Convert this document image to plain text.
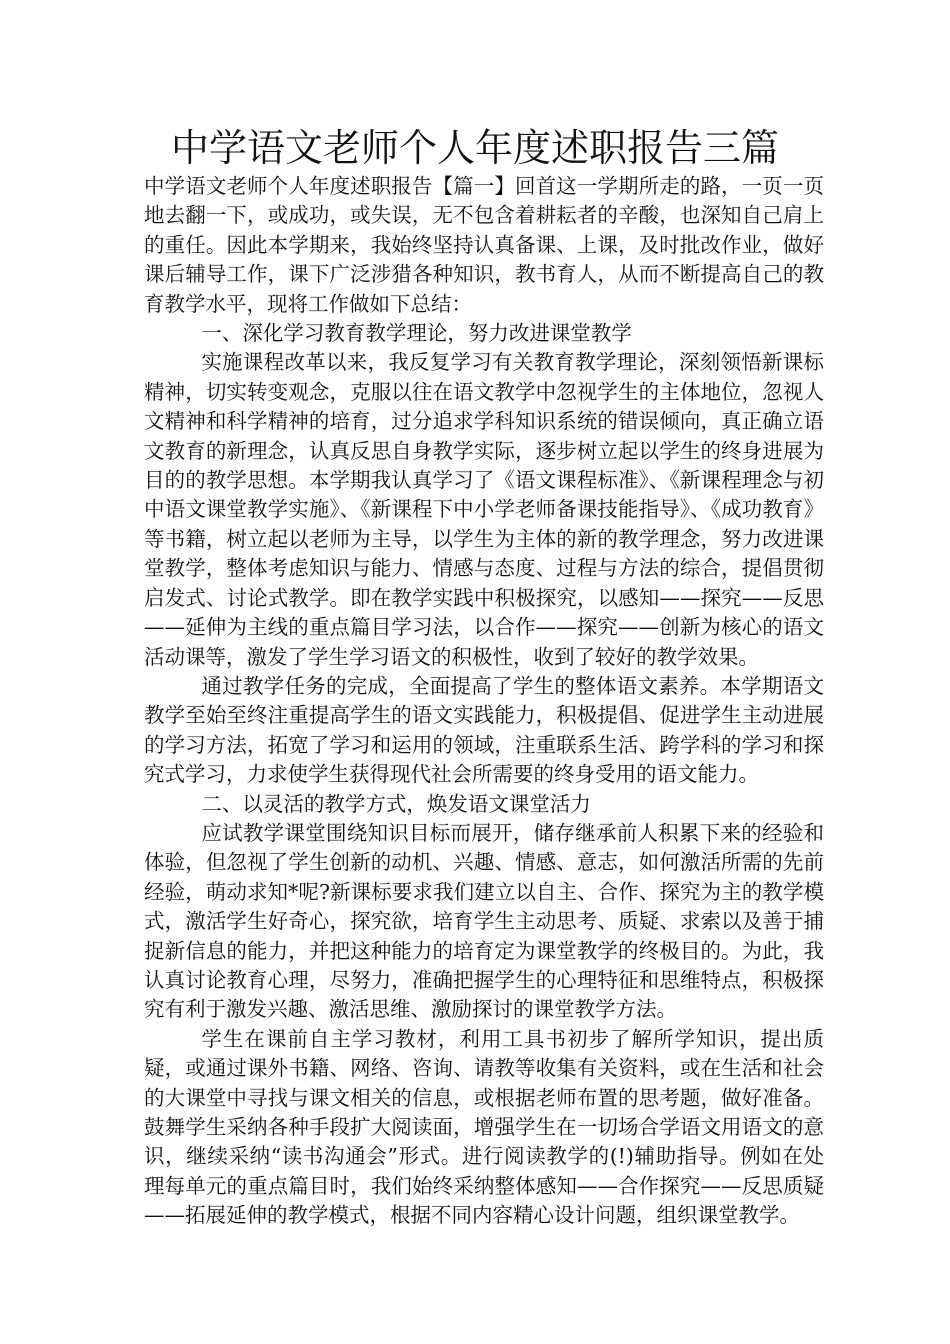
中学语文老师个人年度述职报告三篇

中学语文老师个人年度述职报告【篇一】回首这一学期所走的路，一页一页地去翻一下，或成功，或失误，无不包含着耕耘者的辛酸，也深知自己肩上的重任。因此本学期来，我始终坚持认真备课、上课，及时批改作业，做好课后辅导工作，课下广泛涉猎各种知识，教书育人，从而不断提高自己的教育教学水平，现将工作做如下总结：

一、深化学习教育教学理论，努力改进课堂教学

实施课程改革以来，我反复学习有关教育教学理论，深刻领悟新课标精神，切实转变观念，克服以往在语文教学中忽视学生的主体地位，忽视人文精神和科学精神的培育，过分追求学科知识系统的错误倾向，真正确立语文教育的新理念，认真反思自身教学实际，逐步树立起以学生的终身进展为目的的教学思想。本学期我认真学习了《语文课程标准》、《新课程理念与初中语文课堂教学实施》、《新课程下中小学老师备课技能指导》、《成功教育》等书籍，树立起以老师为主导，以学生为主体的新的教学理念，努力改进课堂教学，整体考虑知识与能力、情感与态度、过程与方法的综合，提倡贯彻启发式、讨论式教学。即在教学实践中积极探究，以感知——探究——反思——延伸为主线的重点篇目学习法，以合作——探究——创新为核心的语文活动课等，激发了学生学习语文的积极性，收到了较好的教学效果。

通过教学任务的完成，全面提高了学生的整体语文素养。本学期语文教学至始至终注重提高学生的语文实践能力，积极提倡、促进学生主动进展的学习方法，拓宽了学习和运用的领域，注重联系生活、跨学科的学习和探究式学习，力求使学生获得现代社会所需要的终身受用的语文能力。

二、以灵活的教学方式，焕发语文课堂活力

应试教学课堂围绕知识目标而展开，储存继承前人积累下来的经验和体验，但忽视了学生创新的动机、兴趣、情感、意志，如何激活所需的先前经验，萌动求知*呢?新课标要求我们建立以自主、合作、探究为主的教学模式，激活学生好奇心，探究欲，培育学生主动思考、质疑、求索以及善于捕捉新信息的能力，并把这种能力的培育定为课堂教学的终极目的。为此，我认真讨论教育心理，尽努力，准确把握学生的心理特征和思维特点，积极探究有利于激发兴趣、激活思维、激励探讨的课堂教学方法。

学生在课前自主学习教材，利用工具书初步了解所学知识，提出质疑，或通过课外书籍、网络、咨询、请教等收集有关资料，或在生活和社会的大课堂中寻找与课文相关的信息，或根据老师布置的思考题，做好准备。鼓舞学生采纳各种手段扩大阅读面，增强学生在一切场合学语文用语文的意识，继续采纳“读书沟通会”形式。进行阅读教学的(!)辅助指导。例如在处理每单元的重点篇目时，我们始终采纳整体感知——合作探究——反思质疑——拓展延伸的教学模式，根据不同内容精心设计问题，组织课堂教学。
